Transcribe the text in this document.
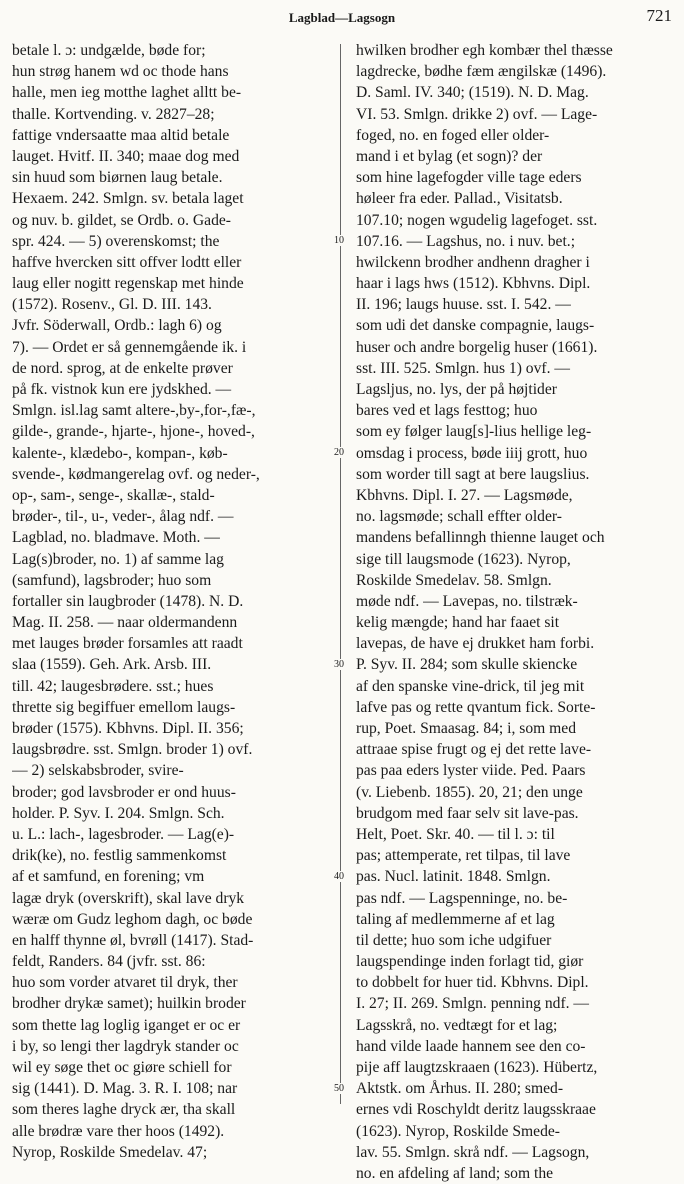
Lagblad—Lagsogn	721
10
20
30
40
50
betale l. ɔ: undgælde, bøde for;
hun strøg hanem wd oc thode hans
halle, men ieg motthe laghet alltt be-
thalle. Kortvending. v. 2827–28;
fattige vndersaatte maa altid betale
lauget. Hvitf. II. 340; maae dog med
sin huud som biørnen laug betale.
Hexaem. 242. Smlgn. sv. betala laget
og nuv. b. gildet, se Ordb. o. Gade-
spr. 424. — 5) overenskomst; the
haffve hvercken sitt offver lodtt eller
laug eller nogitt regenskap met hinde
(1572). Rosenv., Gl. D. III. 143.
Jvfr. Söderwall, Ordb.: lagh 6) og
7). — Ordet er så gennemgående ik. i
de nord. sprog, at de enkelte prøver
på fk. vistnok kun ere jydskhed. —
Smlgn. isl.lag samt altere-,by-,for-,fæ-,
gilde-, grande-, hjarte-, hjone-, hoved-,
kalente-, klædebo-, kompan-, køb-
svende-, kødmangerelag ovf. og neder-,
op-, sam-, senge-, skallæ-, stald-
brøder-, til-, u-, veder-, ålag ndf. —
Lagblad, no. bladmave. Moth. —
Lag(s)broder, no. 1) af samme lag
(samfund), lagsbroder; huo som
fortaller sin laugbroder (1478). N. D.
Mag. II. 258. — naar oldermandenn
met lauges brøder forsamles att raadt
slaa (1559). Geh. Ark. Arsb. III.
till. 42; laugesbrødere. sst.; hues
thrette sig begiffuer emellom laugs-
brøder (1575). Kbhvns. Dipl. II. 356;
laugsbrødre. sst. Smlgn. broder 1) ovf.
— 2) selskabsbroder, svire-
broder; god lavsbroder er ond huus-
holder. P. Syv. I. 204. Smlgn. Sch.
u. L.: lach-, lagesbroder. — Lag(e)-
drik(ke), no. festlig sammenkomst
af et samfund, en forening; vm
lagæ dryk (overskrift), skal lave dryk
wæræ om Gudz leghom dagh, oc bøde
en halff thynne øl, bvrøll (1417). Stad-
feldt, Randers. 84 (jvfr. sst. 86:
huo som vorder atvaret til dryk, ther
brodher drykæ samet); huilkin broder
som thette lag loglig iganget er oc er
i by, so lengi ther lagdryk stander oc
wil ey søge thet oc giøre schiell for
sig (1441). D. Mag. 3. R. I. 108; nar
som theres laghe dryck ær, tha skall
alle brødræ vare ther hoos (1492).
Nyrop, Roskilde Smedelav. 47;
hwilken brodher egh kombær thel thæsse
lagdrecke, bødhe fæm ængilskæ (1496).
D. Saml. IV. 340; (1519). N. D. Mag.
VI. 53. Smlgn. drikke 2) ovf. — Lage-
foged, no. en foged eller older-
mand i et bylag (et sogn)? der
som hine lagefogder ville tage eders
høleer fra eder. Pallad., Visitatsb.
107.10; nogen wgudelig lagefoget. sst.
107.16. — Lagshus, no. i nuv. bet.;
hwilckenn brodher andhenn dragher i
haar i lags hws (1512). Kbhvns. Dipl.
II. 196; laugs huuse. sst. I. 542. —
som udi det danske compagnie, laugs-
huser och andre borgelig huser (1661).
sst. III. 525. Smlgn. hus 1) ovf. —
Lagsljus, no. lys, der på højtider
bares ved et lags festtog; huo
som ey følger laug[s]-lius hellige leg-
omsdag i process, bøde iiij grott, huo
som worder till sagt at bere laugslius.
Kbhvns. Dipl. I. 27. — Lagsmøde,
no. lagsmøde; schall effter older-
mandens befallinngh thienne lauget och
sige till laugsmode (1623). Nyrop,
Roskilde Smedelav. 58. Smlgn.
møde ndf. — Lavepas, no. tilstræk-
kelig mængde; hand har faaet sit
lavepas, de have ej drukket ham forbi.
P. Syv. II. 284; som skulle skiencke
af den spanske vine-drick, til jeg mit
lafve pas og rette qvantum fick. Sorte-
rup, Poet. Smaasag. 84; i, som med
attraae spise frugt og ej det rette lave-
pas paa eders lyster viide. Ped. Paars
(v. Liebenb. 1855). 20, 21; den unge
brudgom med faar selv sit lave-pas.
Helt, Poet. Skr. 40. — til l. ɔ: til
pas; attemperate, ret tilpas, til lave
pas. Nucl. latinit. 1848. Smlgn.
pas ndf. — Lagspenninge, no. be-
taling af medlemmerne af et lag
til dette; huo som iche udgifuer
laugspendinge inden forlagt tid, giør
to dobbelt for huer tid. Kbhvns. Dipl.
I. 27; II. 269. Smlgn. penning ndf. —
Lagsskrå, no. vedtægt for et lag;
hand vilde laade hannem see den co-
pije aff laugtzskraaen (1623). Hübertz,
Aktstk. om Århus. II. 280; smed-
ernes vdi Roschyldt deritz laugsskraae
(1623). Nyrop, Roskilde Smede-
lav. 55. Smlgn. skrå ndf. — Lagsogn,
no. en afdeling af land; som the
